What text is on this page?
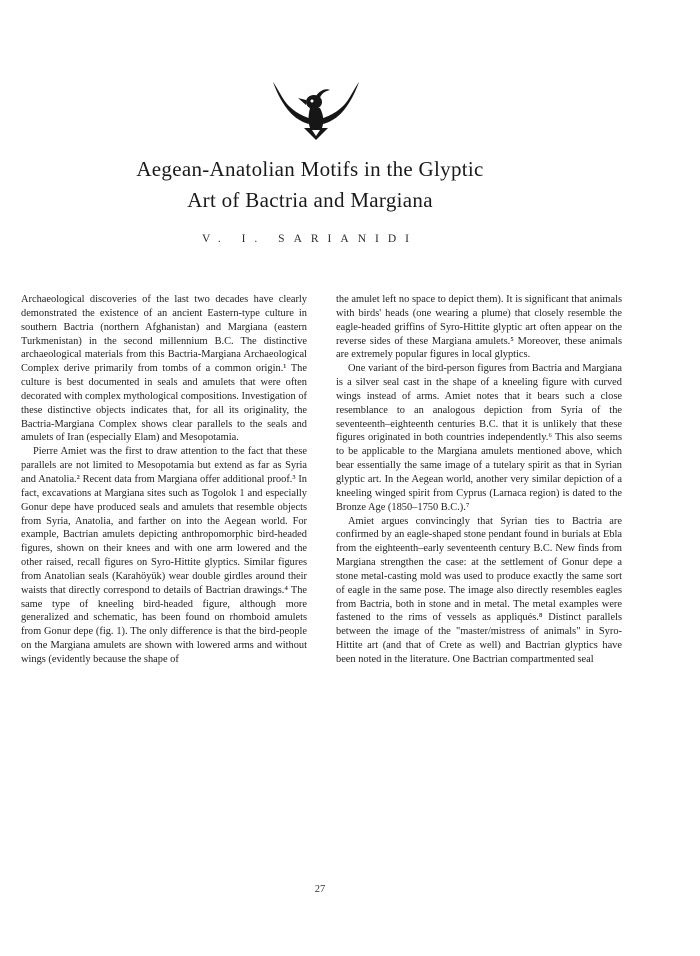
Aegean-Anatolian Motifs in the Glyptic
Art of Bactria and Margiana
V. I. SARIANIDI

Archaeological discoveries of the last two decades have clearly demonstrated the existence of an ancient Eastern-type culture in southern Bactria (northern Afghanistan) and Margiana (eastern Turkmenistan) in the second millennium B.C. The distinctive archaeological materials from this Bactria-Margiana Archaeological Complex derive primarily from tombs of a common origin.¹ The culture is best documented in seals and amulets that were often decorated with complex mythological compositions. Investigation of these distinctive objects indicates that, for all its originality, the Bactria-Margiana Complex shows clear parallels to the seals and amulets of Iran (especially Elam) and Mesopotamia.

Pierre Amiet was the first to draw attention to the fact that these parallels are not limited to Mesopotamia but extend as far as Syria and Anatolia.² Recent data from Margiana offer additional proof.³ In fact, excavations at Margiana sites such as Togolok 1 and especially Gonur depe have produced seals and amulets that resemble objects from Syria, Anatolia, and farther on into the Aegean world. For example, Bactrian amulets depicting anthropomorphic bird-headed figures, shown on their knees and with one arm lowered and the other raised, recall figures on Syro-Hittite glyptics. Similar figures from Anatolian seals (Karahöyük) wear double girdles around their waists that directly correspond to details of Bactrian drawings.⁴ The same type of kneeling bird-headed figure, although more generalized and schematic, has been found on rhomboid amulets from Gonur depe (fig. 1). The only difference is that the bird-people on the Margiana amulets are shown with lowered arms and without wings (evidently because the shape of

the amulet left no space to depict them). It is significant that animals with birds' heads (one wearing a plume) that closely resemble the eagle-headed griffins of Syro-Hittite glyptic art often appear on the reverse sides of these Margiana amulets.⁵ Moreover, these animals are extremely popular figures in local glyptics.

One variant of the bird-person figures from Bactria and Margiana is a silver seal cast in the shape of a kneeling figure with curved wings instead of arms. Amiet notes that it bears such a close resemblance to an analogous depiction from Syria of the seventeenth–eighteenth centuries B.C. that it is unlikely that these figures originated in both countries independently.⁶ This also seems to be applicable to the Margiana amulets mentioned above, which bear essentially the same image of a tutelary spirit as that in Syrian glyptic art. In the Aegean world, another very similar depiction of a kneeling winged spirit from Cyprus (Larnaca region) is dated to the Bronze Age (1850–1750 B.C.).⁷

Amiet argues convincingly that Syrian ties to Bactria are confirmed by an eagle-shaped stone pendant found in burials at Ebla from the eighteenth–early seventeenth century B.C. New finds from Margiana strengthen the case: at the settlement of Gonur depe a stone metal-casting mold was used to produce exactly the same sort of eagle in the same pose. The image also directly resembles eagles from Bactria, both in stone and in metal. The metal examples were fastened to the rims of vessels as appliqués.⁸ Distinct parallels between the image of the "master/mistress of animals" in Syro-Hittite art (and that of Crete as well) and Bactrian glyptics have been noted in the literature. One Bactrian compartmented seal

27
